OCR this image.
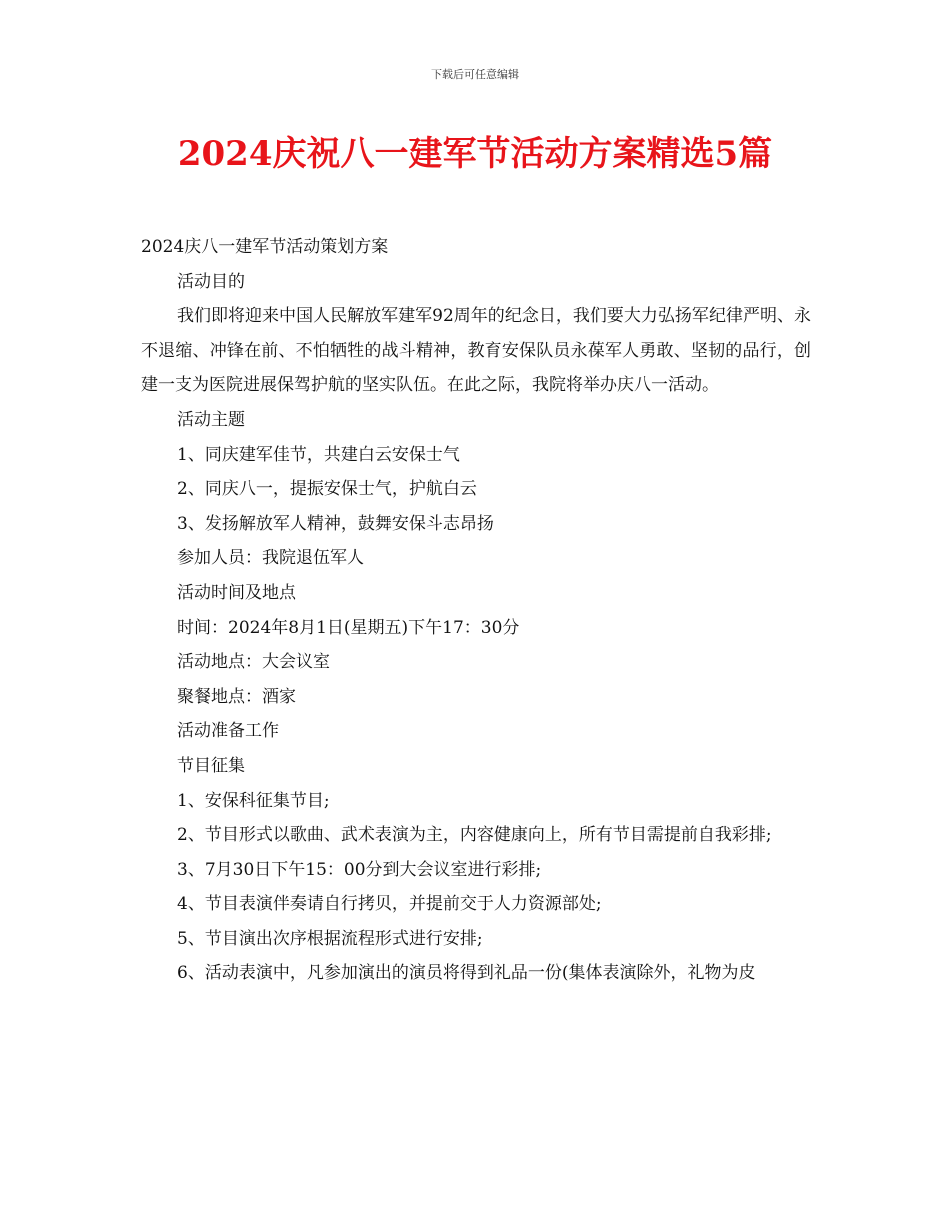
下载后可任意编辑
2024庆祝八一建军节活动方案精选5篇

2024庆八一建军节活动策划方案

活动目的

我们即将迎来中国人民解放军建军92周年的纪念日，我们要大力弘扬军纪律严明、永不退缩、冲锋在前、不怕牺牲的战斗精神，教育安保队员永葆军人勇敢、坚韧的品行，创建一支为医院进展保驾护航的坚实队伍。在此之际，我院将举办庆八一活动。

活动主题

1、同庆建军佳节，共建白云安保士气

2、同庆八一，提振安保士气，护航白云

3、发扬解放军人精神，鼓舞安保斗志昂扬

参加人员：我院退伍军人

活动时间及地点

时间：2024年8月1日(星期五)下午17：30分

活动地点：大会议室

聚餐地点：酒家

活动准备工作

节目征集

1、安保科征集节目;

2、节目形式以歌曲、武术表演为主，内容健康向上，所有节目需提前自我彩排;

3、7月30日下午15：00分到大会议室进行彩排;

4、节目表演伴奏请自行拷贝，并提前交于人力资源部处;

5、节目演出次序根据流程形式进行安排;

6、活动表演中，凡参加演出的演员将得到礼品一份(集体表演除外，礼物为皮
